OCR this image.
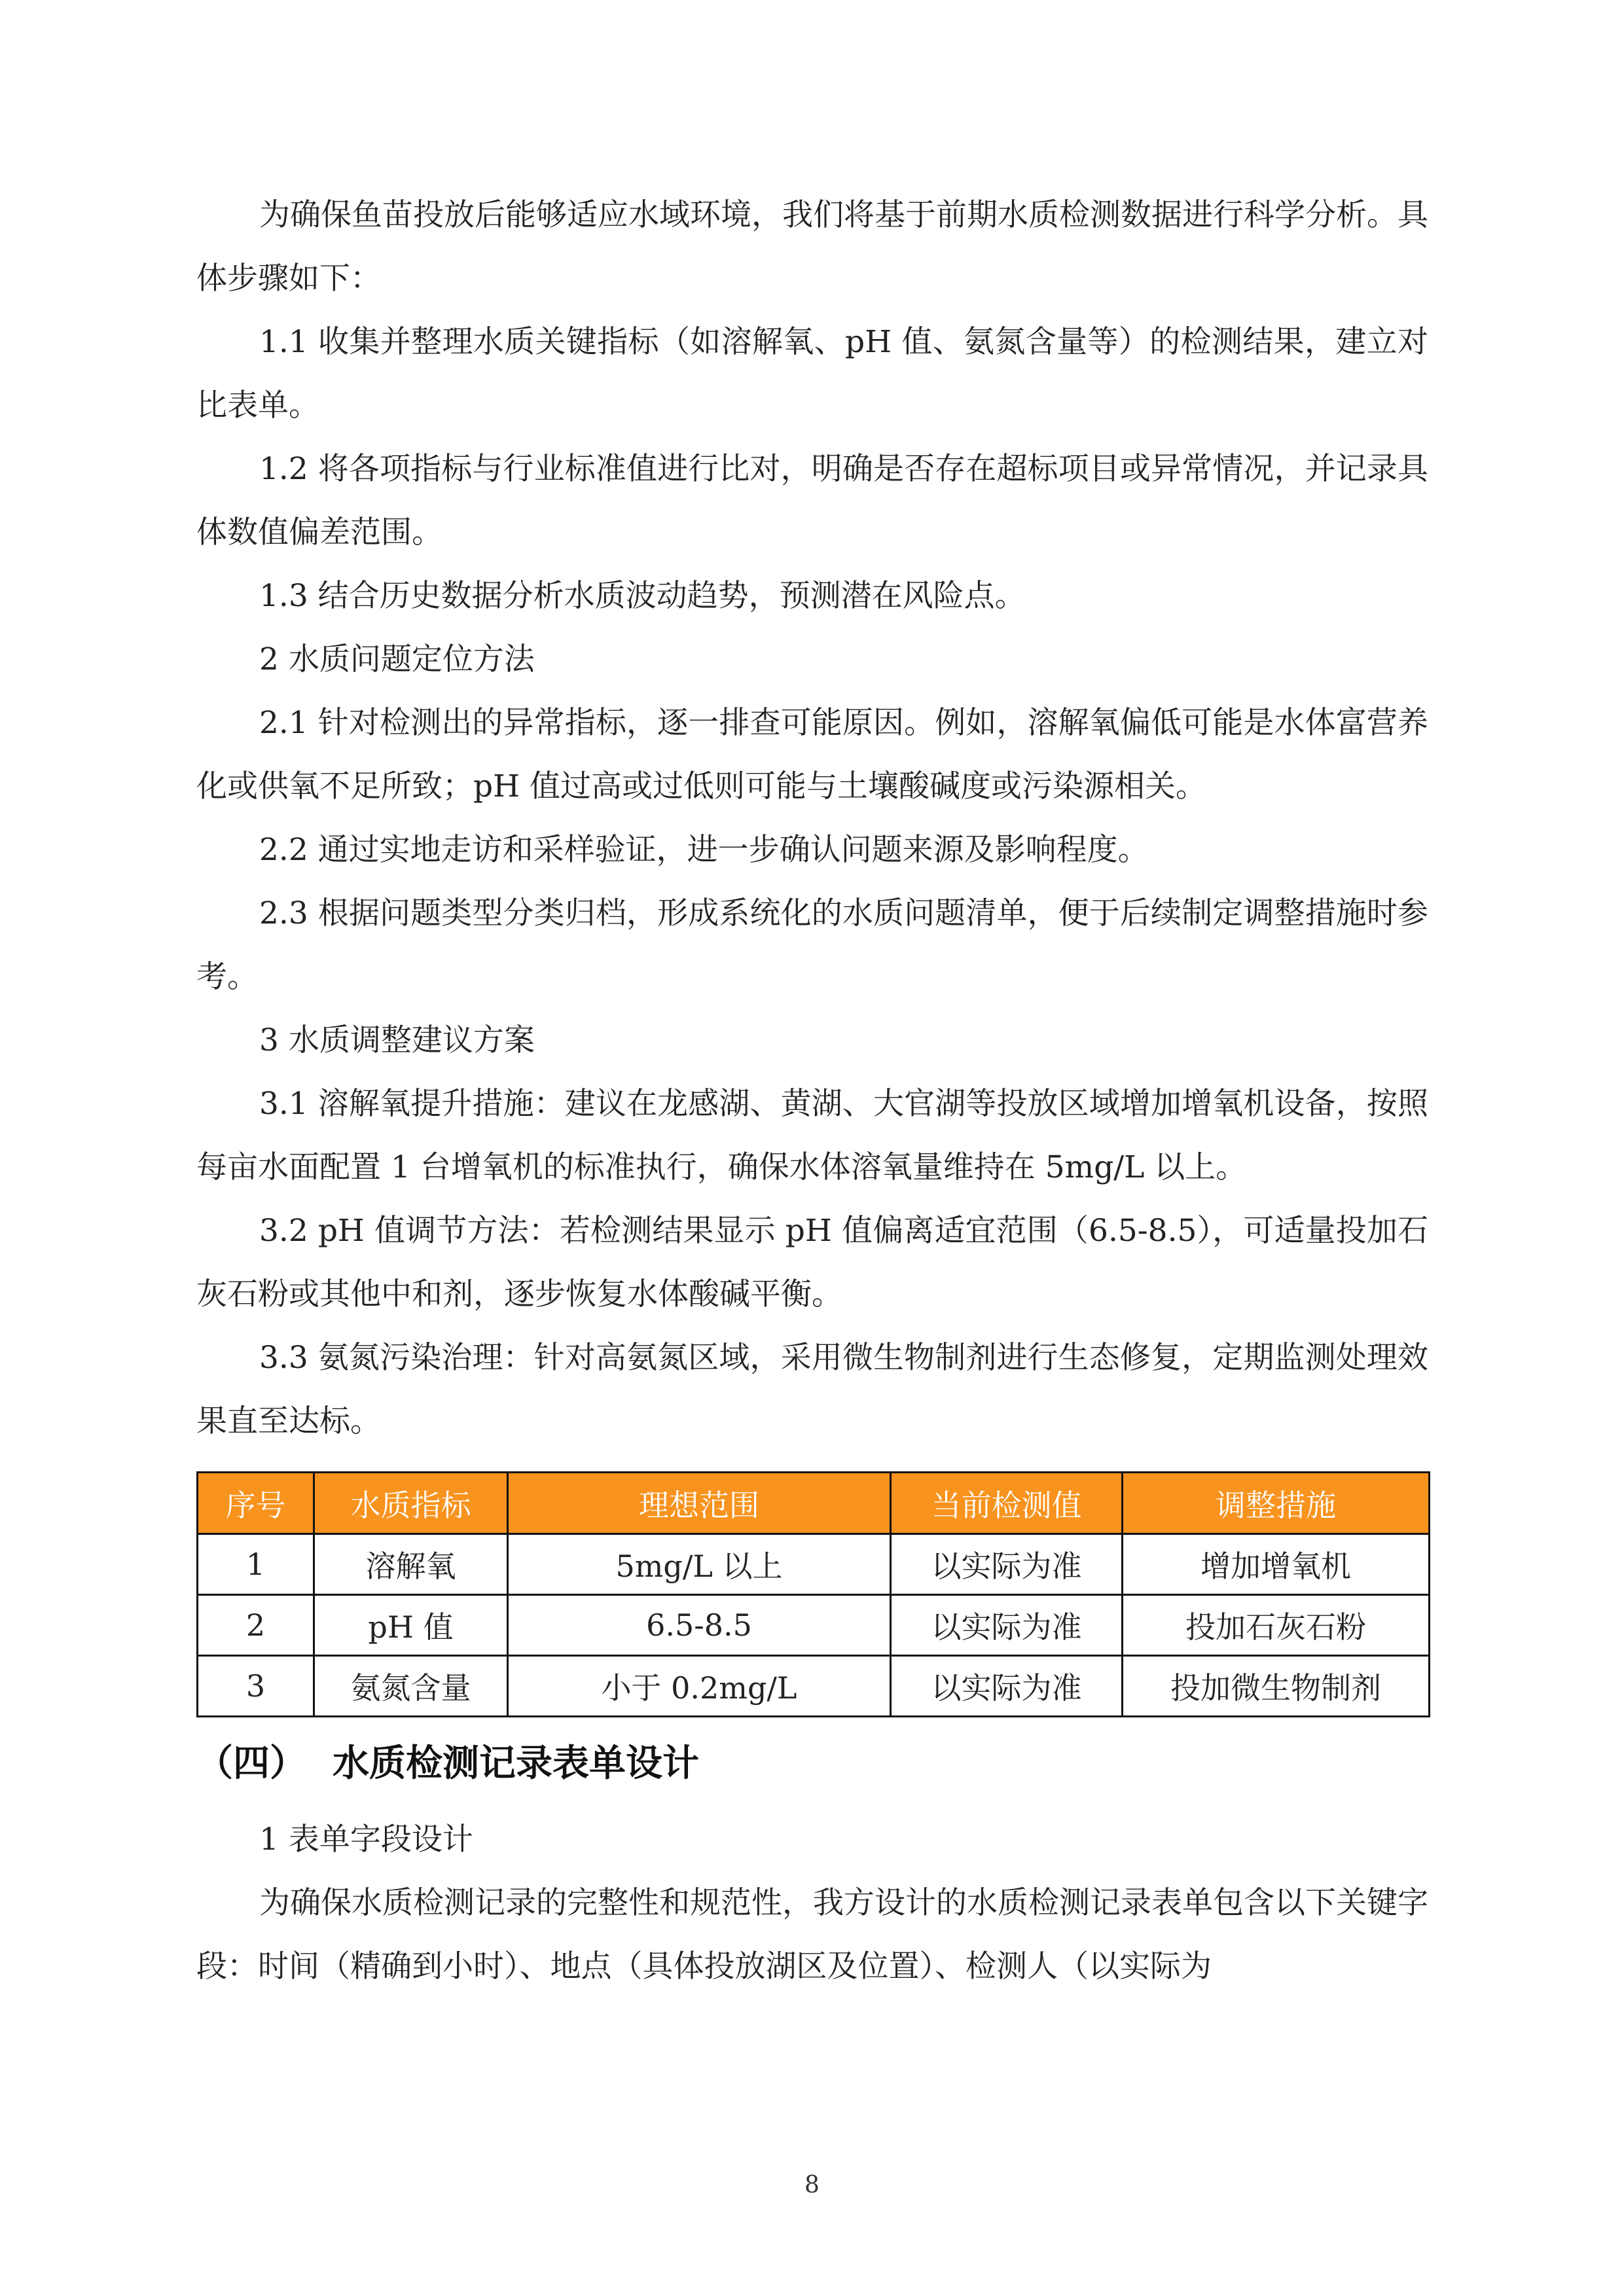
为确保鱼苗投放后能够适应水域环境，我们将基于前期水质检测数据进行科学分析。具体步骤如下：

1.1 收集并整理水质关键指标（如溶解氧、pH 值、氨氮含量等）的检测结果，建立对比表单。

1.2 将各项指标与行业标准值进行比对，明确是否存在超标项目或异常情况，并记录具体数值偏差范围。

1.3 结合历史数据分析水质波动趋势，预测潜在风险点。

2 水质问题定位方法

2.1 针对检测出的异常指标，逐一排查可能原因。例如，溶解氧偏低可能是水体富营养化或供氧不足所致；pH 值过高或过低则可能与土壤酸碱度或污染源相关。

2.2 通过实地走访和采样验证，进一步确认问题来源及影响程度。

2.3 根据问题类型分类归档，形成系统化的水质问题清单，便于后续制定调整措施时参考。

3 水质调整建议方案

3.1 溶解氧提升措施：建议在龙感湖、黄湖、大官湖等投放区域增加增氧机设备，按照每亩水面配置 1 台增氧机的标准执行，确保水体溶氧量维持在 5mg/L 以上。

3.2 pH 值调节方法：若检测结果显示 pH 值偏离适宜范围（6.5-8.5），可适量投加石灰石粉或其他中和剂，逐步恢复水体酸碱平衡。

3.3 氨氮污染治理：针对高氨氮区域，采用微生物制剂进行生态修复，定期监测处理效果直至达标。

序号	水质指标	理想范围	当前检测值	调整措施
1	溶解氧	5mg/L 以上	以实际为准	增加增氧机
2	pH 值	6.5-8.5	以实际为准	投加石灰石粉
3	氨氮含量	小于 0.2mg/L	以实际为准	投加微生物制剂
（四） 水质检测记录表单设计

1 表单字段设计

为确保水质检测记录的完整性和规范性，我方设计的水质检测记录表单包含以下关键字段：时间（精确到小时）、地点（具体投放湖区及位置）、检测人（以实际为

8
